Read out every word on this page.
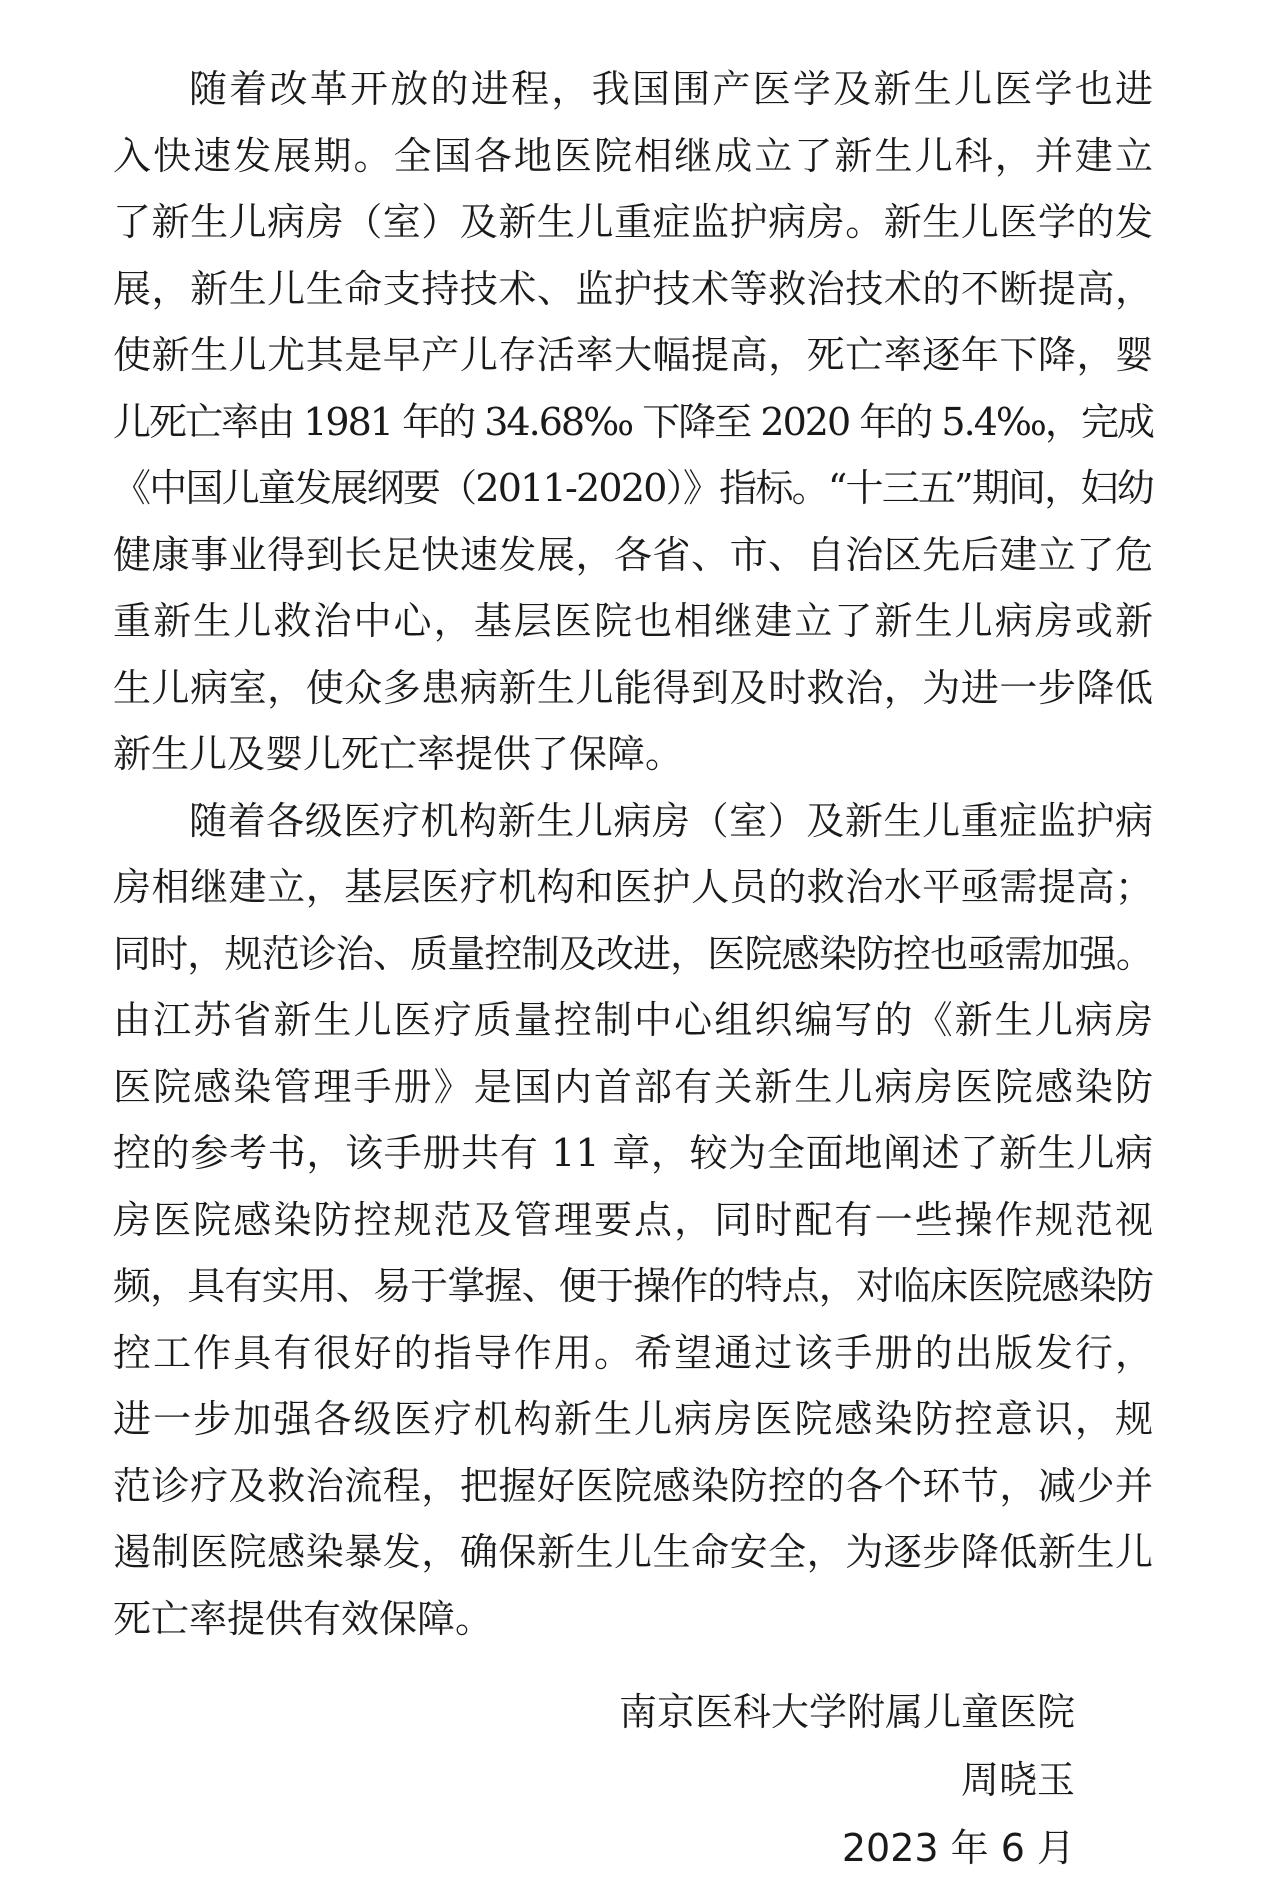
随着改革开放的进程，我国围产医学及新生儿医学也进
入快速发展期。全国各地医院相继成立了新生儿科，并建立
了新生儿病房（室）及新生儿重症监护病房。新生儿医学的发
展，新生儿生命支持技术、监护技术等救治技术的不断提高，
使新生儿尤其是早产儿存活率大幅提高，死亡率逐年下降，婴
儿死亡率由 1981 年的 34.68‰ 下降至 2020 年的 5.4‰，完成
《中国儿童发展纲要（2011-2020）》指标。“十三五”期间，妇幼
健康事业得到长足快速发展，各省、市、自治区先后建立了危
重新生儿救治中心，基层医院也相继建立了新生儿病房或新
生儿病室，使众多患病新生儿能得到及时救治，为进一步降低
新生儿及婴儿死亡率提供了保障。

随着各级医疗机构新生儿病房（室）及新生儿重症监护病
房相继建立，基层医疗机构和医护人员的救治水平亟需提高；
同时，规范诊治、质量控制及改进，医院感染防控也亟需加强。
由江苏省新生儿医疗质量控制中心组织编写的《新生儿病房
医院感染管理手册》是国内首部有关新生儿病房医院感染防
控的参考书，该手册共有 11 章，较为全面地阐述了新生儿病
房医院感染防控规范及管理要点，同时配有一些操作规范视
频，具有实用、易于掌握、便于操作的特点，对临床医院感染防
控工作具有很好的指导作用。希望通过该手册的出版发行，
进一步加强各级医疗机构新生儿病房医院感染防控意识，规
范诊疗及救治流程，把握好医院感染防控的各个环节，减少并
遏制医院感染暴发，确保新生儿生命安全，为逐步降低新生儿
死亡率提供有效保障。

南京医科大学附属儿童医院
周晓玉
2023 年 6 月
